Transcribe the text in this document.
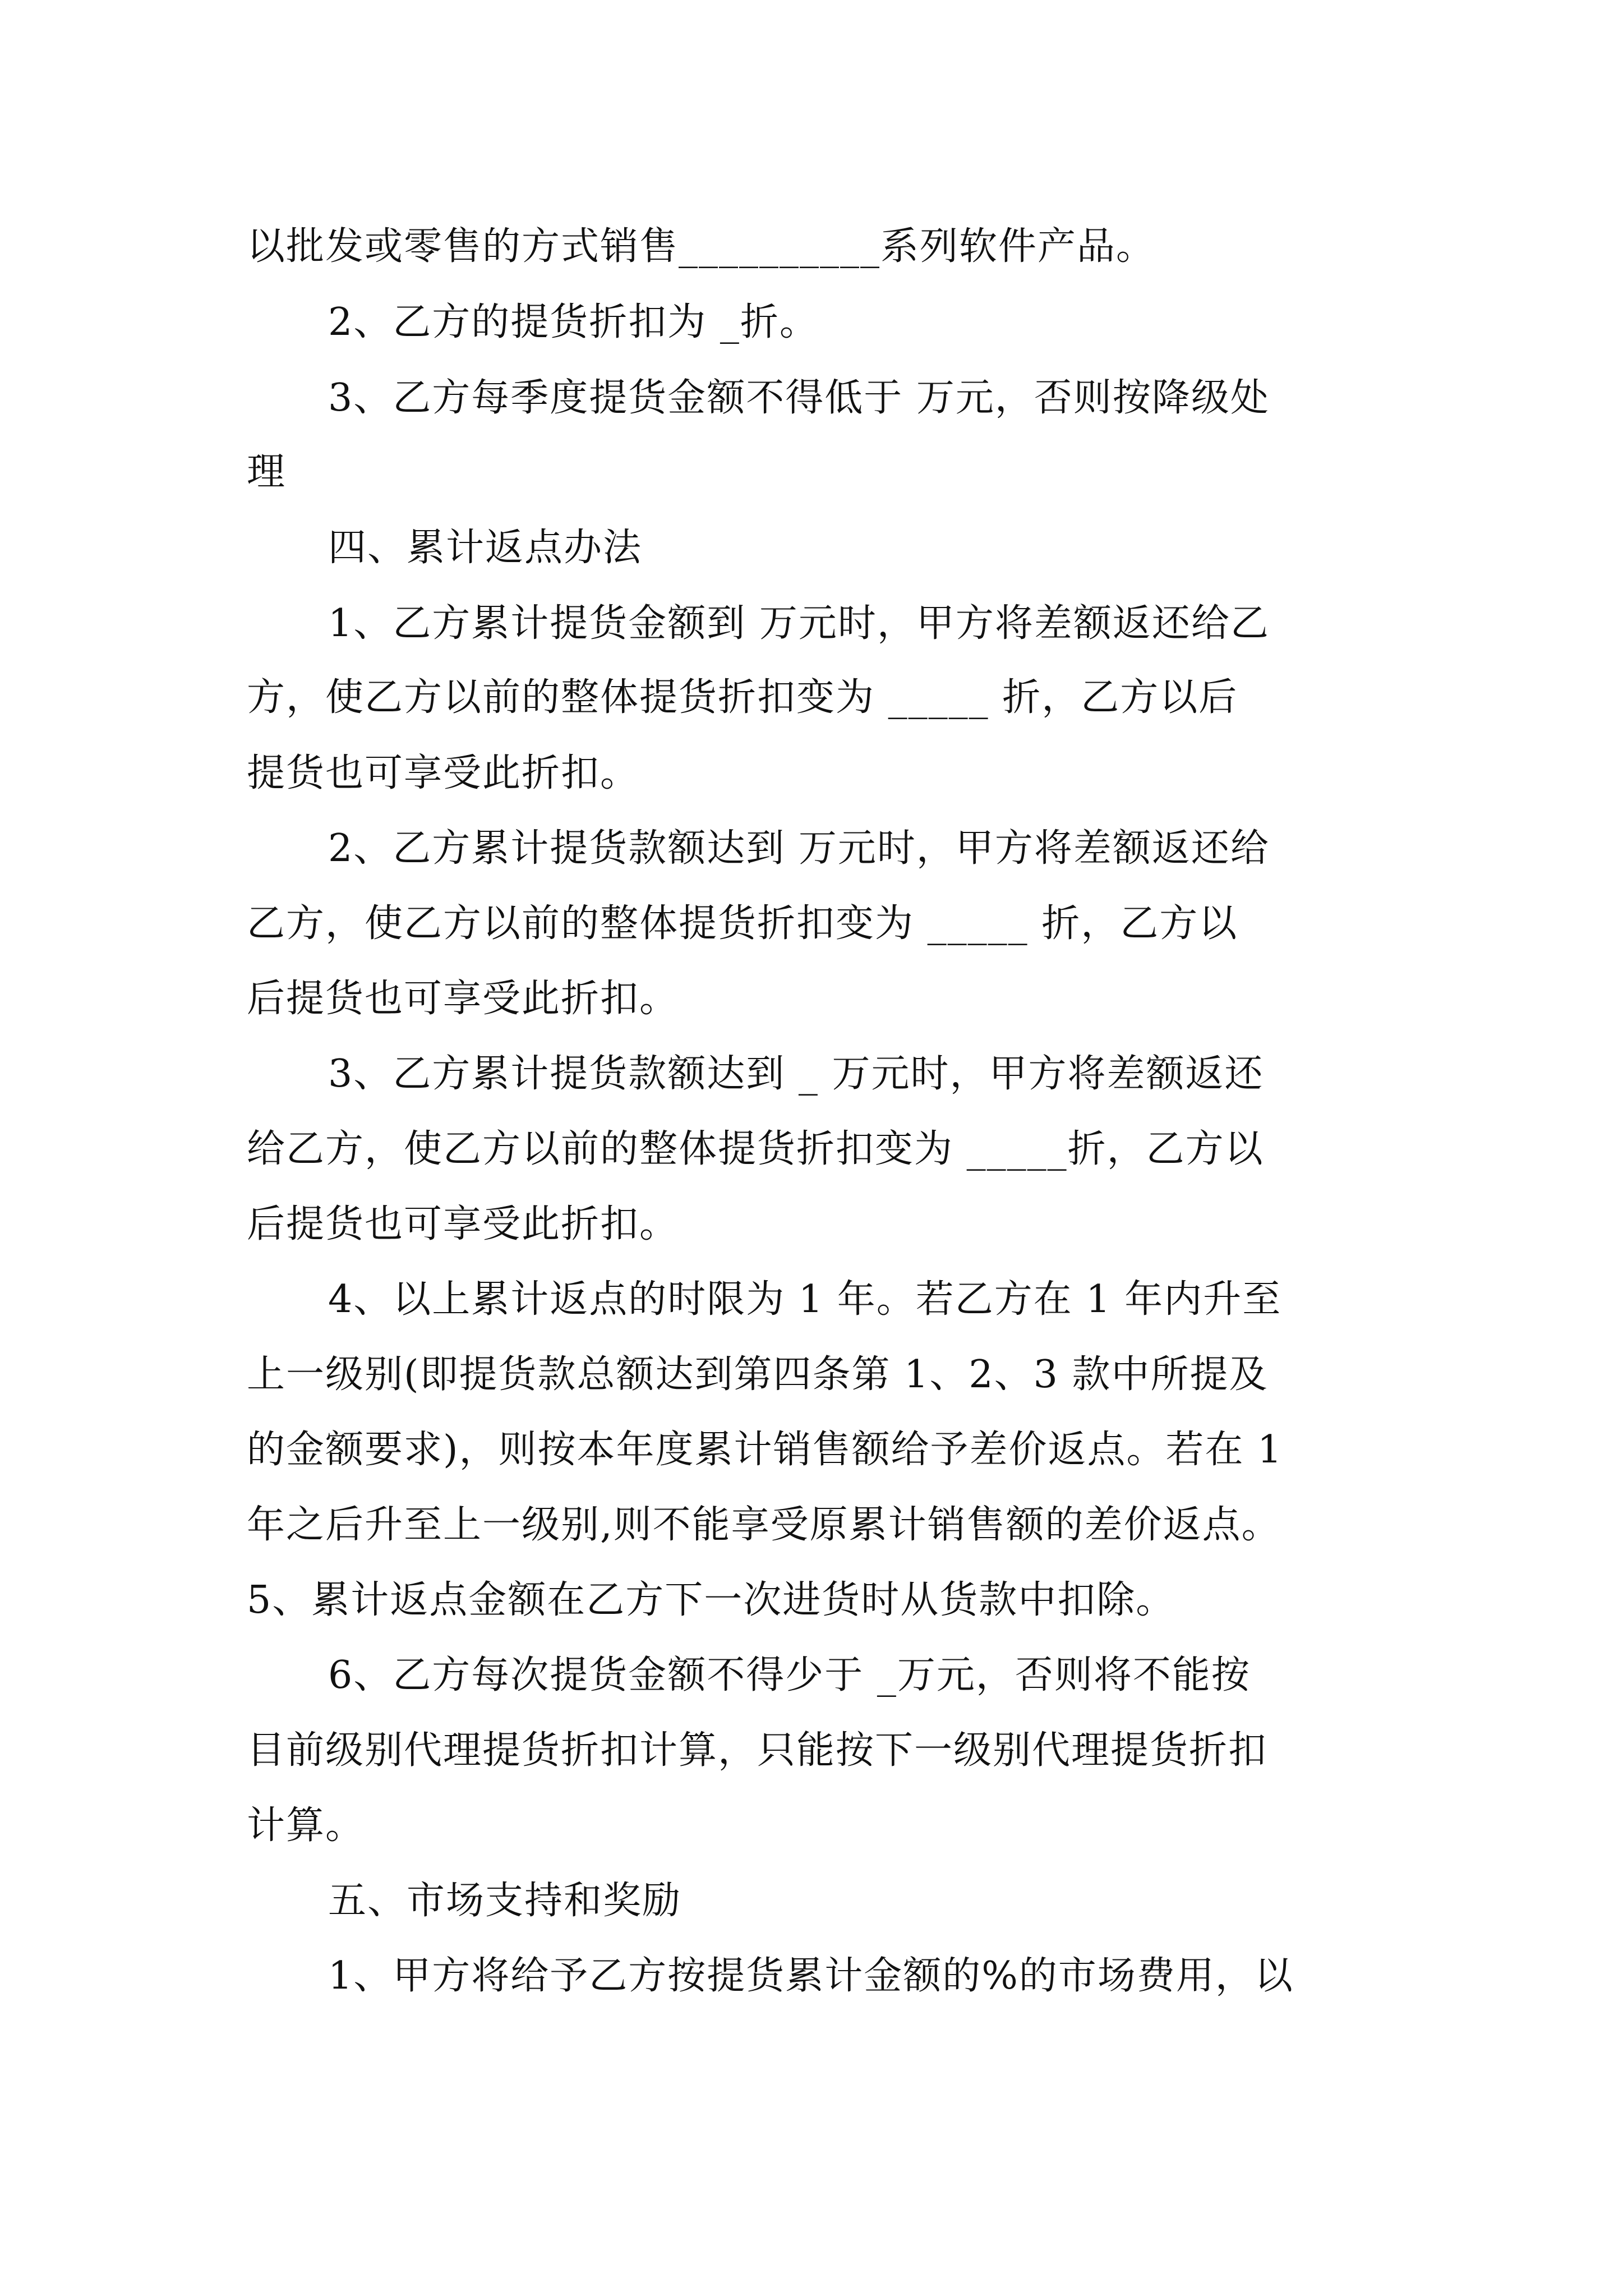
以批发或零售的方式销售__________系列软件产品。
2、乙方的提货折扣为 _折。
3、乙方每季度提货金额不得低于 万元，否则按降级处
理
四、累计返点办法
1、乙方累计提货金额到 万元时，甲方将差额返还给乙
方，使乙方以前的整体提货折扣变为 _____ 折，乙方以后
提货也可享受此折扣。
2、乙方累计提货款额达到 万元时，甲方将差额返还给
乙方，使乙方以前的整体提货折扣变为 _____ 折，乙方以
后提货也可享受此折扣。
3、乙方累计提货款额达到 _ 万元时，甲方将差额返还
给乙方，使乙方以前的整体提货折扣变为 _____折，乙方以
后提货也可享受此折扣。
4、以上累计返点的时限为 1 年。若乙方在 1 年内升至
上一级别(即提货款总额达到第四条第 1、2、3 款中所提及
的金额要求)，则按本年度累计销售额给予差价返点。若在 1
年之后升至上一级别,则不能享受原累计销售额的差价返点。
5、累计返点金额在乙方下一次进货时从货款中扣除。
6、乙方每次提货金额不得少于 _万元，否则将不能按
目前级别代理提货折扣计算，只能按下一级别代理提货折扣
计算。
五、市场支持和奖励
1、甲方将给予乙方按提货累计金额的%的市场费用，以
